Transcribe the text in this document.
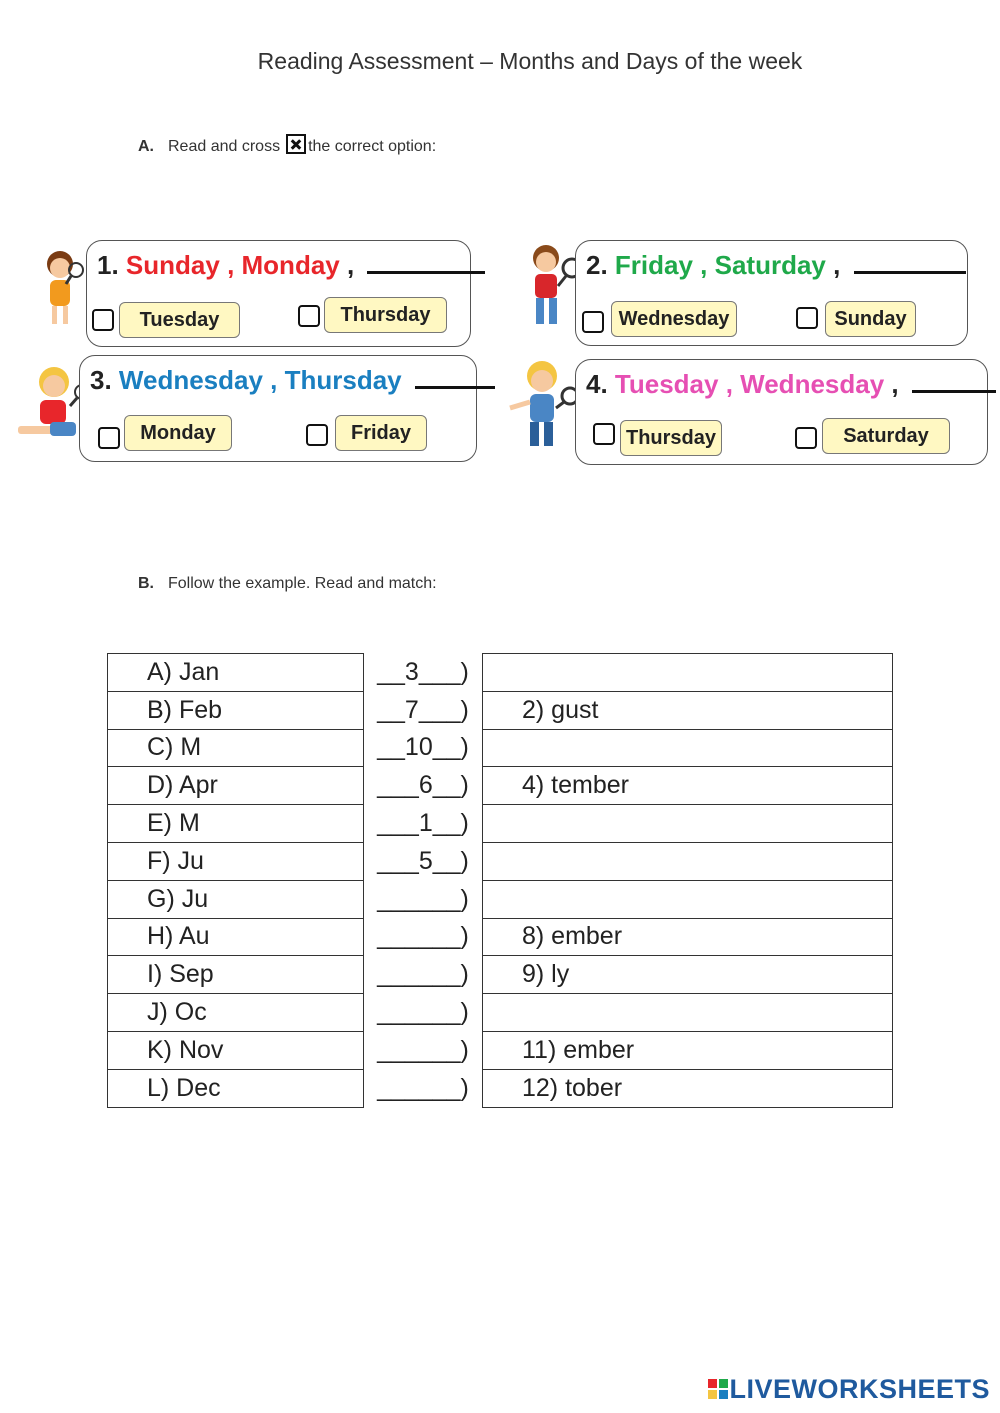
Reading Assessment – Months and Days of the week
A. Read and cross ☒ the correct option:
1. Sunday , Monday ,
Tuesday	Thursday
2. Friday , Saturday ,
Wednesday	Sunday
3. Wednesday , Thursday
Monday	Friday
4. Tuesday , Wednesday ,
Thursday	Saturday
B. Follow the example. Read and match:
A) Jan	__3___)	
B) Feb	__7___)	2) gust
C) M	__10__)	
D) Apr	___6__)	4) tember
E) M	___1__)	
F) Ju	___5__)	
G) Ju	______)	
H) Au	______)	8) ember
I) Sep	______)	9) ly
J) Oc	______)	
K) Nov	______)	11) ember
L) Dec	______)	12) tober
LIVEWORKSHEETS
